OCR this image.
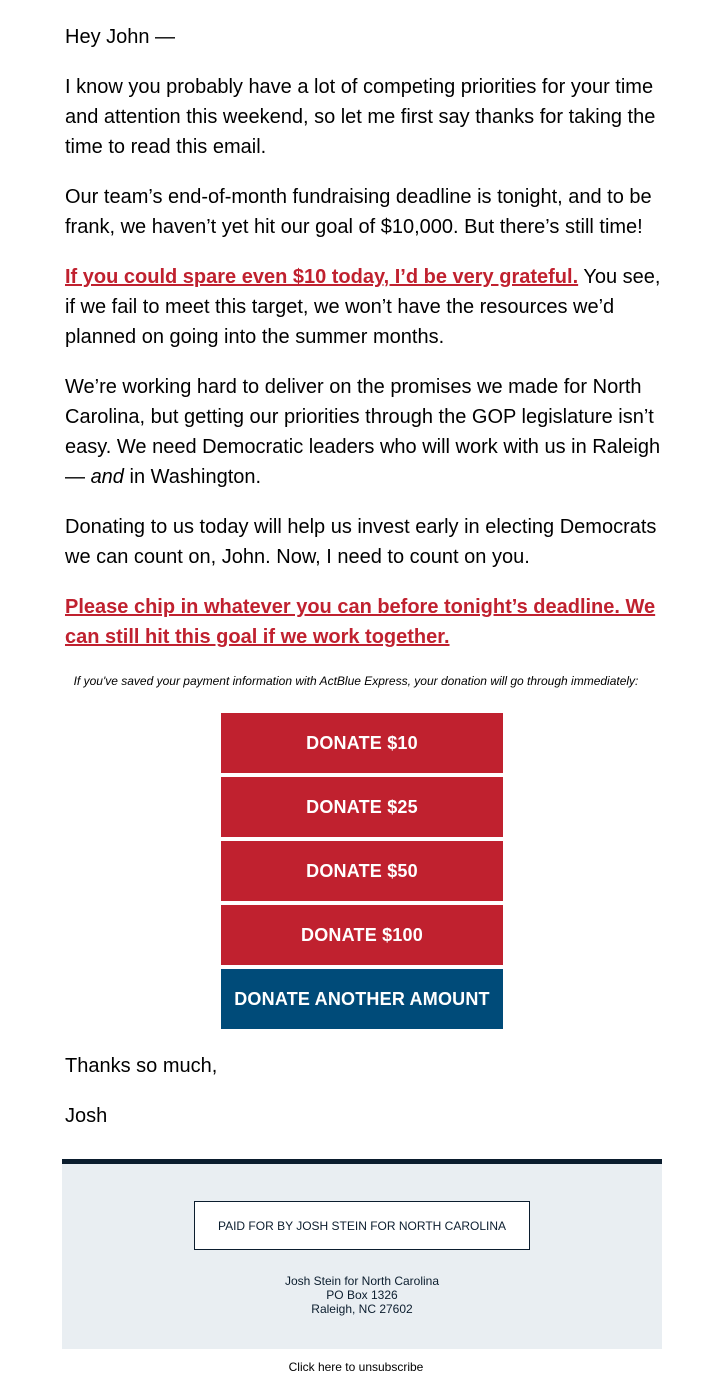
Hey John —

I know you probably have a lot of competing priorities for your time and attention this weekend, so let me first say thanks for taking the time to read this email.

Our team’s end-of-month fundraising deadline is tonight, and to be frank, we haven’t yet hit our goal of $10,000. But there’s still time!

If you could spare even $10 today, I’d be very grateful. You see, if we fail to meet this target, we won’t have the resources we’d planned on going into the summer months.

We’re working hard to deliver on the promises we made for North Carolina, but getting our priorities through the GOP legislature isn’t easy. We need Democratic leaders who will work with us in Raleigh — and in Washington.

Donating to us today will help us invest early in electing Democrats we can count on, John. Now, I need to count on you.

Please chip in whatever you can before tonight’s deadline. We can still hit this goal if we work together.

If you've saved your payment information with ActBlue Express, your donation will go through immediately:
DONATE $10
DONATE $25
DONATE $50
DONATE $100
DONATE ANOTHER AMOUNT
Thanks so much,
Josh
PAID FOR BY JOSH STEIN FOR NORTH CAROLINA
Josh Stein for North Carolina
PO Box 1326
Raleigh, NC 27602
Click here to unsubscribe
